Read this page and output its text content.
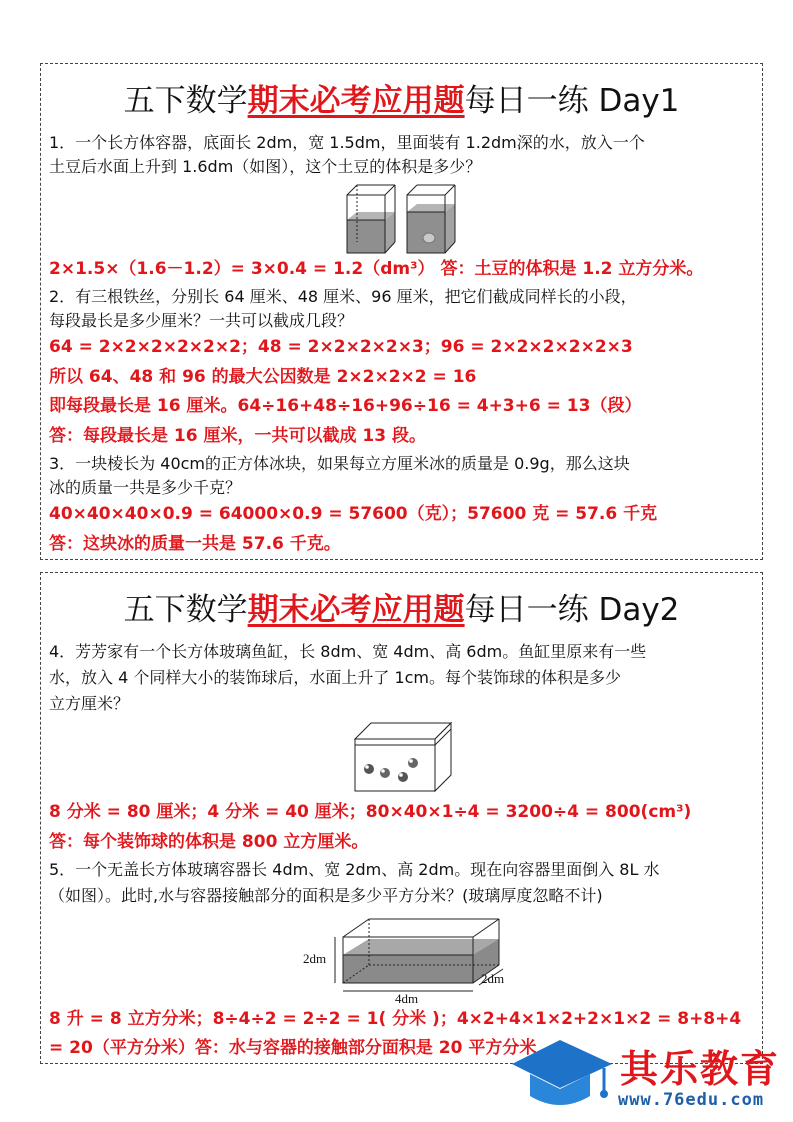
五下数学期末必考应用题每日一练 Day1
1．一个长方体容器，底面长 2dm，宽 1.5dm，里面装有 1.2dm深的水，放入一个
土豆后水面上升到 1.6dm（如图），这个土豆的体积是多少？
2×1.5×（1.6－1.2）= 3×0.4 = 1.2（dm³） 答：土豆的体积是 1.2 立方分米。
2．有三根铁丝，分别长 64 厘米、48 厘米、96 厘米，把它们截成同样长的小段，
每段最长是多少厘米？一共可以截成几段？
64 = 2×2×2×2×2×2；48 = 2×2×2×2×3；96 = 2×2×2×2×2×3
所以 64、48 和 96 的最大公因数是 2×2×2×2 = 16
即每段最长是 16 厘米。64÷16+48÷16+96÷16 = 4+3+6 = 13（段）
答：每段最长是 16 厘米，一共可以截成 13 段。
3．一块棱长为 40cm的正方体冰块，如果每立方厘米冰的质量是 0.9g，那么这块
冰的质量一共是多少千克？
40×40×40×0.9 = 64000×0.9 = 57600（克）；57600 克 = 57.6 千克
答：这块冰的质量一共是 57.6 千克。
五下数学期末必考应用题每日一练 Day2
4．芳芳家有一个长方体玻璃鱼缸，长 8dm、宽 4dm、高 6dm。鱼缸里原来有一些
水，放入 4 个同样大小的装饰球后，水面上升了 1cm。每个装饰球的体积是多少
立方厘米？
8 分米 = 80 厘米；4 分米 = 40 厘米；80×40×1÷4 = 3200÷4 = 800(cm³)
答：每个装饰球的体积是 800 立方厘米。
5．一个无盖长方体玻璃容器长 4dm、宽 2dm、高 2dm。现在向容器里面倒入 8L 水
（如图）。此时,水与容器接触部分的面积是多少平方分米？(玻璃厚度忽略不计)
2dm
2dm
4dm
8 升 = 8 立方分米；8÷4÷2 = 2÷2 = 1( 分米 )；4×2+4×1×2+2×1×2 = 8+8+4
= 20（平方分米）答：水与容器的接触部分面积是 20 平方分米 其乐教育
www.76edu.com
